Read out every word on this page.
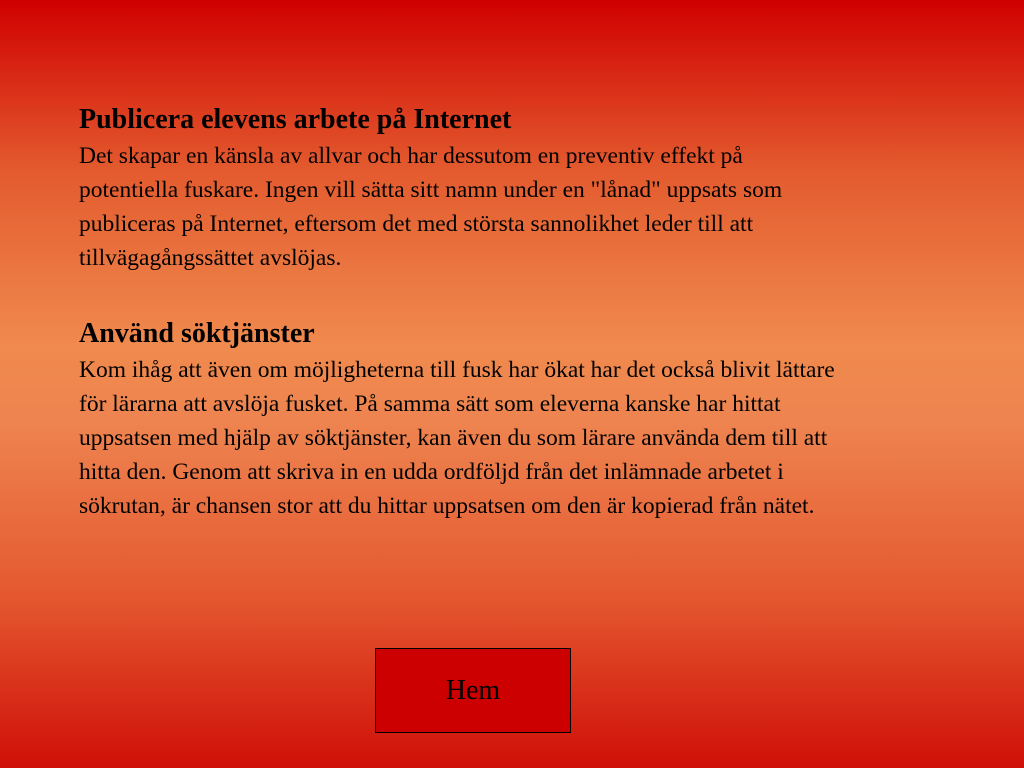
Publicera elevens arbete på Internet

Det skapar en känsla av allvar och har dessutom en preventiv effekt på potentiella fuskare. Ingen vill sätta sitt namn under en "lånad" uppsats som publiceras på Internet, eftersom det med största sannolikhet leder till att tillvägagångssättet avslöjas.

Använd söktjänster

Kom ihåg att även om möjligheterna till fusk har ökat har det också blivit lättare för lärarna att avslöja fusket. På samma sätt som eleverna kanske har hittat uppsatsen med hjälp av söktjänster, kan även du som lärare använda dem till att hitta den. Genom att skriva in en udda ordföljd från det inlämnade arbetet i sökrutan, är chansen stor att du hittar uppsatsen om den är kopierad från nätet.

Hem
